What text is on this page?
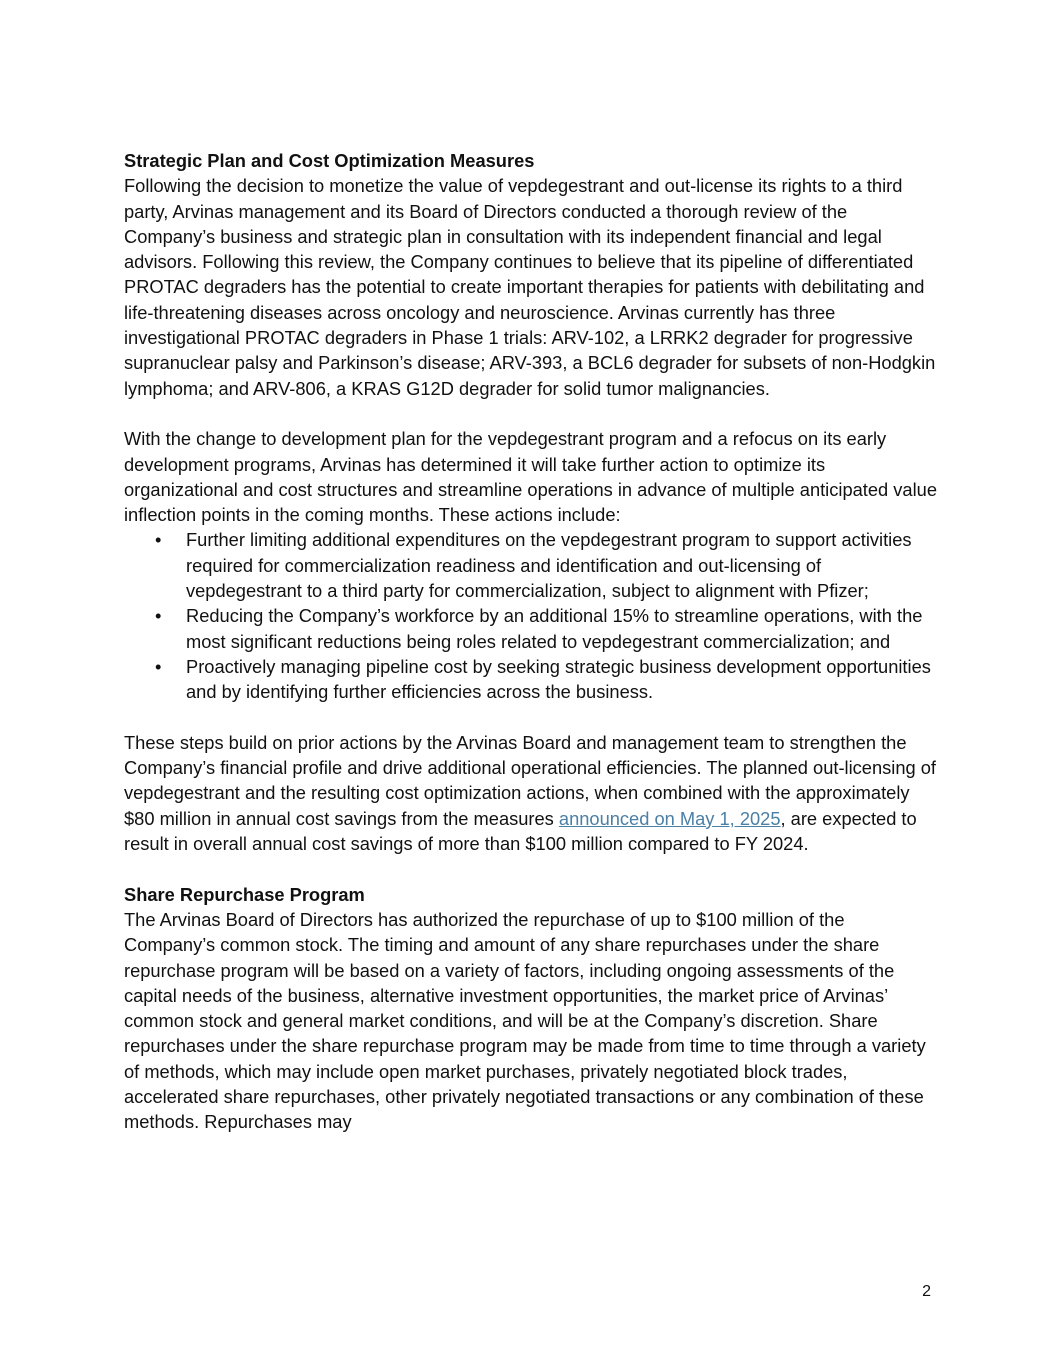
Strategic Plan and Cost Optimization Measures

Following the decision to monetize the value of vepdegestrant and out-license its rights to a third party, Arvinas management and its Board of Directors conducted a thorough review of the Company’s business and strategic plan in consultation with its independent financial and legal advisors. Following this review, the Company continues to believe that its pipeline of differentiated PROTAC degraders has the potential to create important therapies for patients with debilitating and life-threatening diseases across oncology and neuroscience. Arvinas currently has three investigational PROTAC degraders in Phase 1 trials: ARV-102, a LRRK2 degrader for progressive supranuclear palsy and Parkinson’s disease; ARV-393, a BCL6 degrader for subsets of non-Hodgkin lymphoma; and ARV-806, a KRAS G12D degrader for solid tumor malignancies.

With the change to development plan for the vepdegestrant program and a refocus on its early development programs, Arvinas has determined it will take further action to optimize its organizational and cost structures and streamline operations in advance of multiple anticipated value inflection points in the coming months. These actions include:

• Further limiting additional expenditures on the vepdegestrant program to support activities required for commercialization readiness and identification and out-licensing of vepdegestrant to a third party for commercialization, subject to alignment with Pfizer;
• Reducing the Company’s workforce by an additional 15% to streamline operations, with the most significant reductions being roles related to vepdegestrant commercialization; and
• Proactively managing pipeline cost by seeking strategic business development opportunities and by identifying further efficiencies across the business.

These steps build on prior actions by the Arvinas Board and management team to strengthen the Company’s financial profile and drive additional operational efficiencies. The planned out-licensing of vepdegestrant and the resulting cost optimization actions, when combined with the approximately $80 million in annual cost savings from the measures announced on May 1, 2025, are expected to result in overall annual cost savings of more than $100 million compared to FY 2024.

Share Repurchase Program

The Arvinas Board of Directors has authorized the repurchase of up to $100 million of the Company’s common stock. The timing and amount of any share repurchases under the share repurchase program will be based on a variety of factors, including ongoing assessments of the capital needs of the business, alternative investment opportunities, the market price of Arvinas’ common stock and general market conditions, and will be at the Company’s discretion. Share repurchases under the share repurchase program may be made from time to time through a variety of methods, which may include open market purchases, privately negotiated block trades, accelerated share repurchases, other privately negotiated transactions or any combination of these methods. Repurchases may

2
